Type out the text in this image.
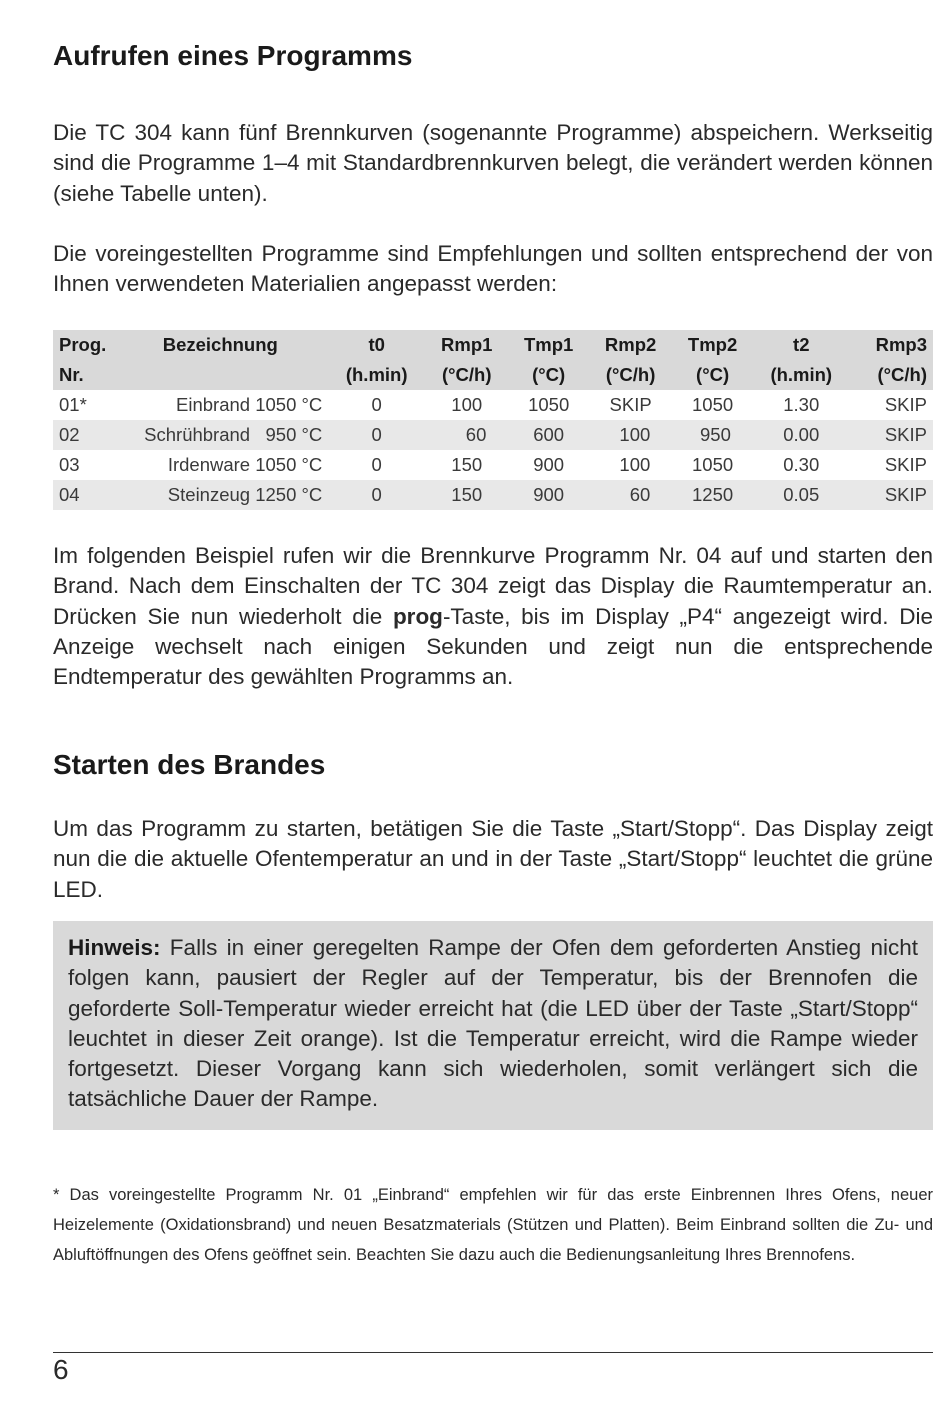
Aufrufen eines Programms

Die TC 304 kann fünf Brennkurven (sogenannte Programme) abspeichern. Werkseitig sind die Programme 1–4 mit Standardbrennkurven belegt, die verändert werden können (siehe Tabelle unten).

Die voreingestellten Programme sind Empfehlungen und sollten entsprechend der von Ihnen verwendeten Materialien angepasst werden:

Prog.	Bezeichnung	t0	Rmp1	Tmp1	Rmp2	Tmp2	t2	Rmp3
Nr.		(h.min)	(°C/h)	(°C)	(°C/h)	(°C)	(h.min)	(°C/h)
01*	Einbrand 1050 °C	0	100	1050	SKIP	1050	1.30	SKIP
02	Schrühbrand   950 °C	0	60	600	100	950	0.00	SKIP
03	Irdenware 1050 °C	0	150	900	100	1050	0.30	SKIP
04	Steinzeug 1250 °C	0	150	900	60	1250	0.05	SKIP

Im folgenden Beispiel rufen wir die Brennkurve Programm Nr. 04 auf und starten den Brand. Nach dem Einschalten der TC 304 zeigt das Display die Raumtemperatur an. Drücken Sie nun wiederholt die prog-Taste, bis im Display „P4“ angezeigt wird. Die Anzeige wechselt nach einigen Sekunden und zeigt nun die entsprechende Endtemperatur des gewählten Programms an.

Starten des Brandes

Um das Programm zu starten, betätigen Sie die Taste „Start/Stopp“. Das Display zeigt nun die die aktuelle Ofentemperatur an und in der Taste „Start/Stopp“ leuchtet die grüne LED.

Hinweis: Falls in einer geregelten Rampe der Ofen dem geforderten Anstieg nicht folgen kann, pausiert der Regler auf der Temperatur, bis der Brennofen die geforderte Soll-Temperatur wieder erreicht hat (die LED über der Taste „Start/Stopp“ leuchtet in dieser Zeit orange). Ist die Temperatur erreicht, wird die Rampe wieder fortgesetzt. Dieser Vorgang kann sich wiederholen, somit verlängert sich die tatsächliche Dauer der Rampe.

* Das voreingestellte Programm Nr. 01 „Einbrand“ empfehlen wir für das erste Einbrennen Ihres Ofens, neuer Heizelemente (Oxidationsbrand) und neuen Besatzmaterials (Stützen und Platten). Beim Einbrand sollten die Zu- und Abluftöffnungen des Ofens geöffnet sein. Beachten Sie dazu auch die Bedienungsanleitung Ihres Brennofens.
6
